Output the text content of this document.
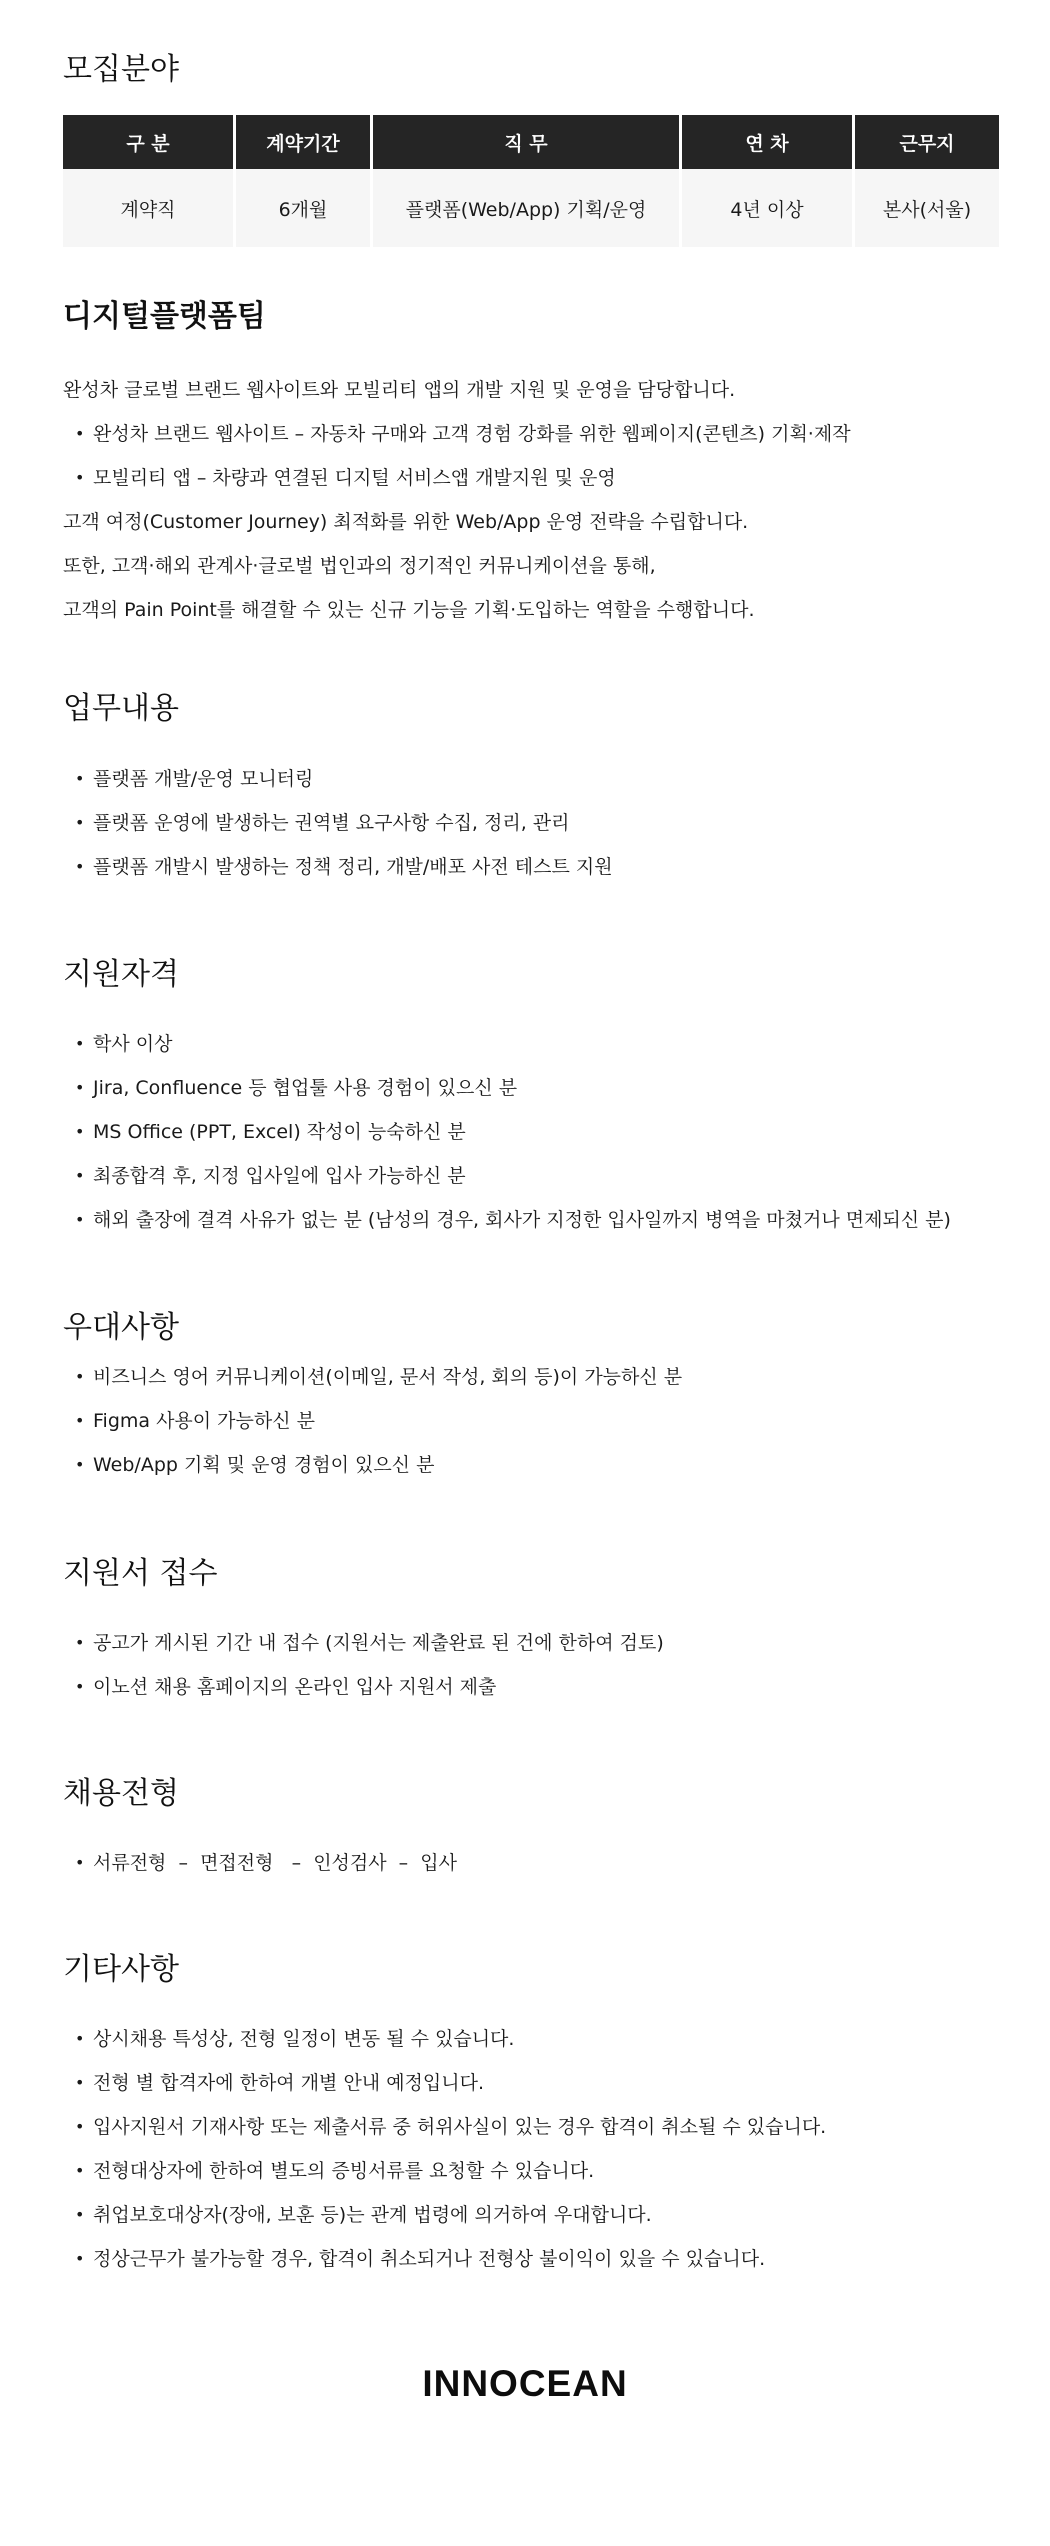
모집분야
구 분	계약기간	직 무	연 차	근무지
계약직	6개월	플랫폼(Web/App) 기획/운영	4년 이상	본사(서울)
디지털플랫폼팀

완성차 글로벌 브랜드 웹사이트와 모빌리티 앱의 개발 지원 및 운영을 담당합니다.

• 완성차 브랜드 웹사이트 – 자동차 구매와 고객 경험 강화를 위한 웹페이지(콘텐츠) 기획·제작
• 모빌리티 앱 – 차량과 연결된 디지털 서비스앱 개발지원 및 운영

고객 여정(Customer Journey) 최적화를 위한 Web/App 운영 전략을 수립합니다.

또한, 고객·해외 관계사·글로벌 법인과의 정기적인 커뮤니케이션을 통해,

고객의 Pain Point를 해결할 수 있는 신규 기능을 기획·도입하는 역할을 수행합니다.

업무내용
• 플랫폼 개발/운영 모니터링
• 플랫폼 운영에 발생하는 권역별 요구사항 수집, 정리, 관리
• 플랫폼 개발시 발생하는 정책 정리, 개발/배포 사전 테스트 지원
지원자격
• 학사 이상
• Jira, Confluence 등 협업툴 사용 경험이 있으신 분
• MS Office (PPT, Excel) 작성이 능숙하신 분
• 최종합격 후, 지정 입사일에 입사 가능하신 분
• 해외 출장에 결격 사유가 없는 분 (남성의 경우, 회사가 지정한 입사일까지 병역을 마쳤거나 면제되신 분)
우대사항
• 비즈니스 영어 커뮤니케이션(이메일, 문서 작성, 회의 등)이 가능하신 분
• Figma 사용이 가능하신 분
• Web/App 기획 및 운영 경험이 있으신 분
지원서 접수
• 공고가 게시된 기간 내 접수 (지원서는 제출완료 된 건에 한하여 검토)
• 이노션 채용 홈페이지의 온라인 입사 지원서 제출
채용전형
• 서류전형  –  면접전형   –  인성검사  –  입사
기타사항
• 상시채용 특성상, 전형 일정이 변동 될 수 있습니다.
• 전형 별 합격자에 한하여 개별 안내 예정입니다.
• 입사지원서 기재사항 또는 제출서류 중 허위사실이 있는 경우 합격이 취소될 수 있습니다.
• 전형대상자에 한하여 별도의 증빙서류를 요청할 수 있습니다.
• 취업보호대상자(장애, 보훈 등)는 관계 법령에 의거하여 우대합니다.
• 정상근무가 불가능할 경우, 합격이 취소되거나 전형상 불이익이 있을 수 있습니다.
INNOCEAN
